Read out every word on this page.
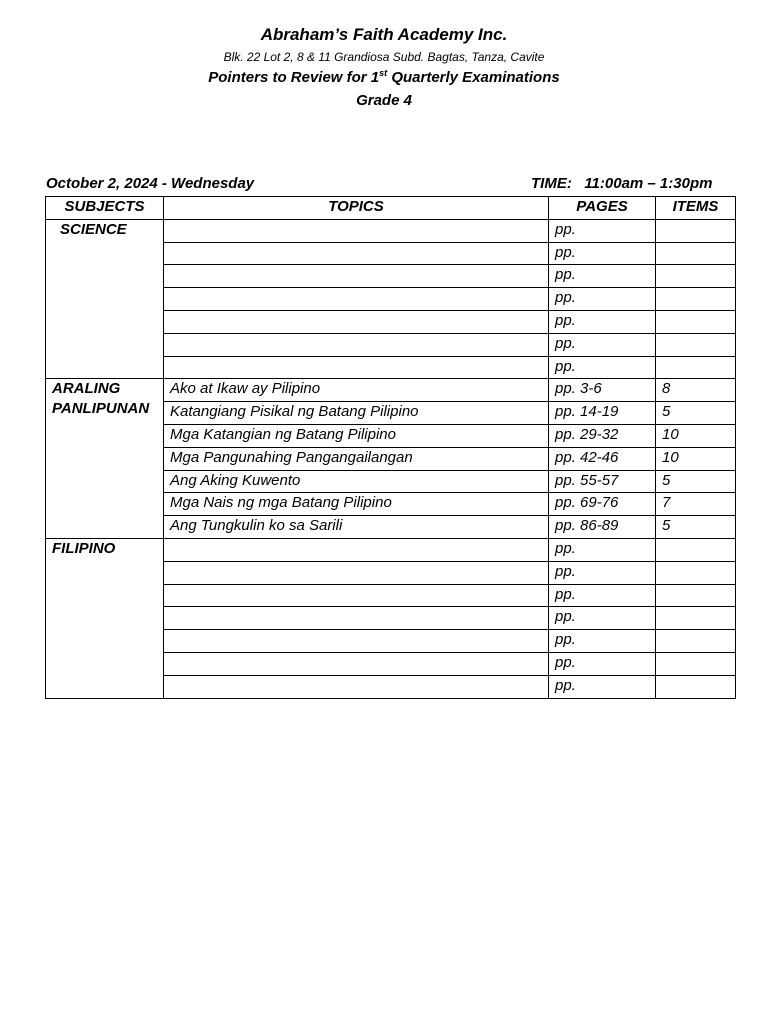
Abraham’s Faith Academy Inc.
Blk. 22 Lot 2, 8 & 11 Grandiosa Subd. Bagtas, Tanza, Cavite
Pointers to Review for 1st Quarterly Examinations
Grade 4
October 2, 2024 - Wednesday	TIME:   11:00am – 1:30pm
SUBJECTS	TOPICS	PAGES	ITEMS
SCIENCE		pp.	
		pp.	
		pp.	
		pp.	
		pp.	
		pp.	
		pp.	
ARALING
PANLIPUNAN	Ako at Ikaw ay Pilipino	pp. 3-6	8
	Katangiang Pisikal ng Batang Pilipino	pp. 14-19	5
	Mga Katangian ng Batang Pilipino	pp. 29-32	10
	Mga Pangunahing Pangangailangan	pp. 42-46	10
	Ang Aking Kuwento	pp. 55-57	5
	Mga Nais ng mga Batang Pilipino	pp. 69-76	7
	Ang Tungkulin ko sa Sarili	pp. 86-89	5
FILIPINO		pp.	
		pp.	
		pp.	
		pp.	
		pp.	
		pp.	
		pp.	
